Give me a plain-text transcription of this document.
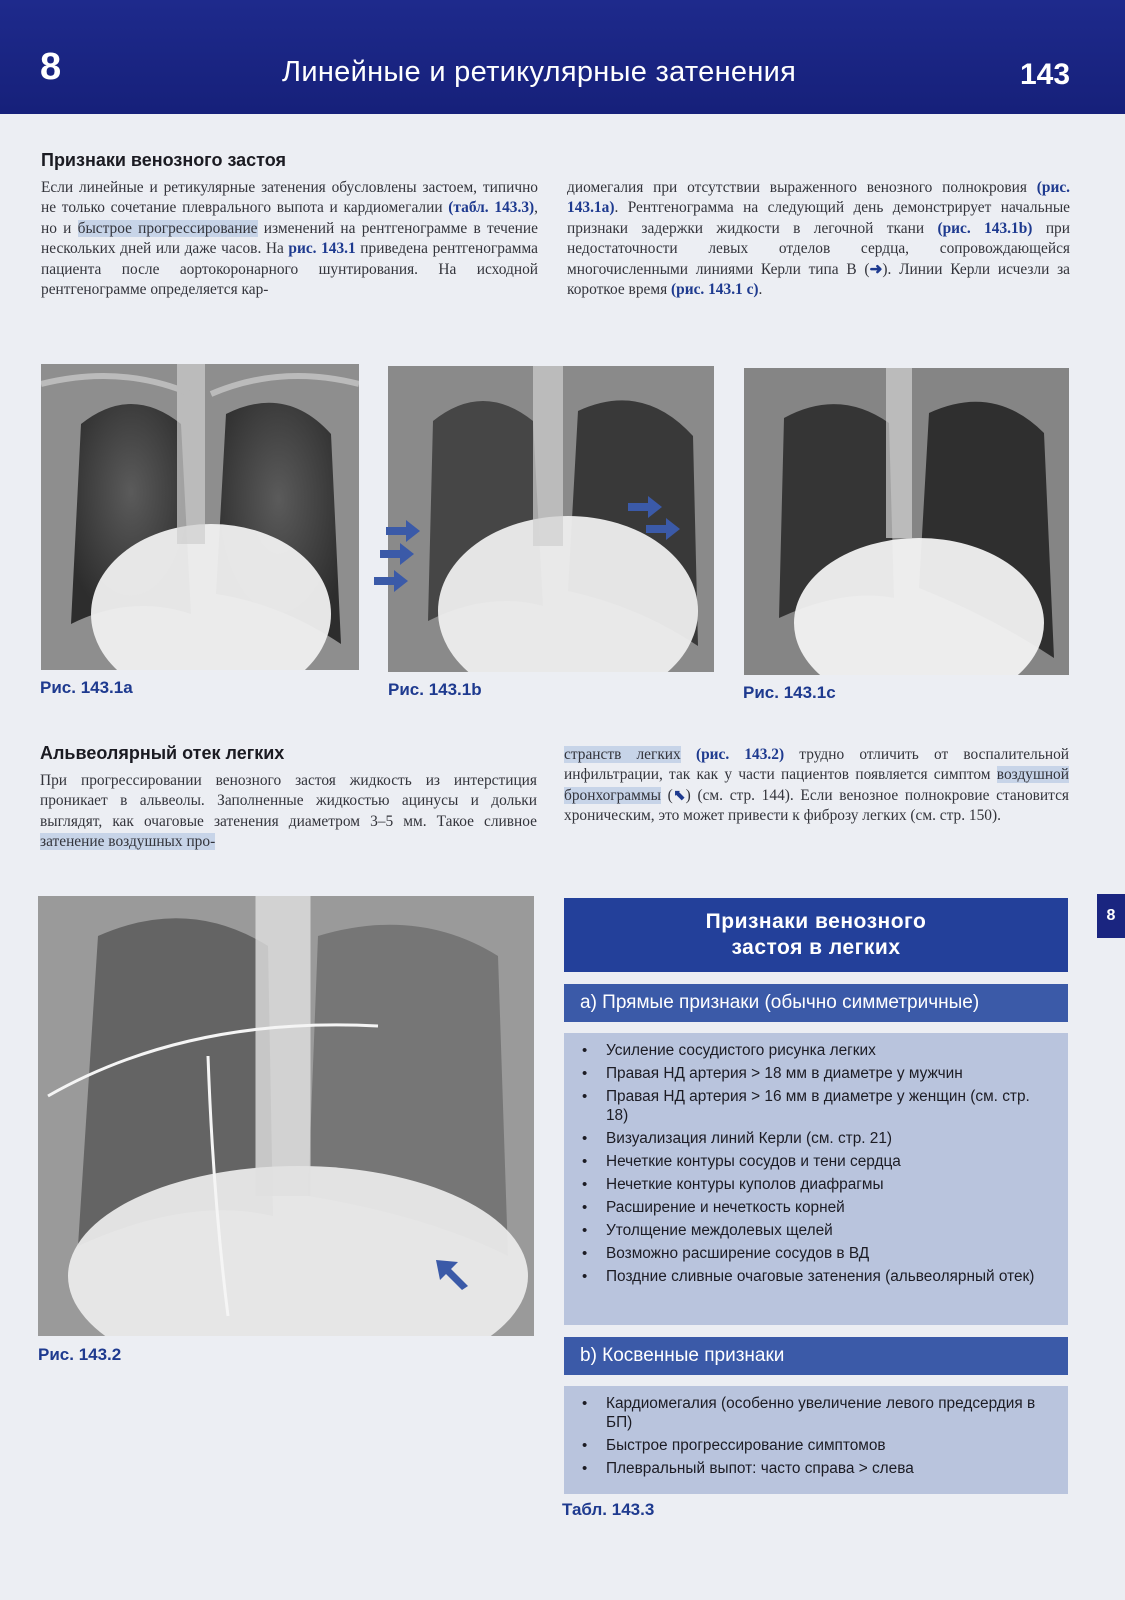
8	Линейные и ретикулярные затенения	143
Признаки венозного застоя

Если линейные и ретикулярные затенения обусловлены застоем, типично не только сочетание плеврального выпота и кардиомегалии (табл. 143.3), но и быстрое прогрессирование изменений на рентгенограмме в течение нескольких дней или даже часов. На рис. 143.1 приведена рентгенограмма пациента после аортокоронарного шунтирования. На исходной рентгенограмме определяется кар-

диомегалия при отсутствии выраженного венозного полнокровия (рис. 143.1a). Рентгенограмма на следующий день демонстрирует начальные признаки задержки жидкости в легочной ткани (рис. 143.1b) при недостаточности левых отделов сердца, сопровождающейся многочисленными линиями Керли типа В (➜). Линии Керли исчезли за короткое время (рис. 143.1 c).

Рис. 143.1a	Рис. 143.1b	Рис. 143.1c
Альвеолярный отек легких

При прогрессировании венозного застоя жидкость из интерстиция проникает в альвеолы. Заполненные жидкостью ацинусы и дольки выглядят, как очаговые затенения диаметром 3–5 мм. Такое сливное затенение воздушных про-

странств легких (рис. 143.2) трудно отличить от воспалительной инфильтрации, так как у части пациентов появляется симптом воздушной бронхограммы (⬉) (см. стр. 144). Если венозное полнокровие становится хроническим, это может привести к фиброзу легких (см. стр. 150).

Рис. 143.2
8
Признаки венозного
застоя в легких
a) Прямые признаки (обычно симметричные)
• Усиление сосудистого рисунка легких
• Правая НД артерия > 18 мм в диаметре у мужчин
• Правая НД артерия > 16 мм в диаметре у женщин (см. стр. 18)
• Визуализация линий Керли (см. стр. 21)
• Нечеткие контуры сосудов и тени сердца
• Нечеткие контуры куполов диафрагмы
• Расширение и нечеткость корней
• Утолщение междолевых щелей
• Возможно расширение сосудов в ВД
• Поздние сливные очаговые затенения (альвеолярный отек)
b) Косвенные признаки
• Кардиомегалия (особенно увеличение левого предсердия в БП)
• Быстрое прогрессирование симптомов
• Плевральный выпот: часто справа > слева
Табл. 143.3
